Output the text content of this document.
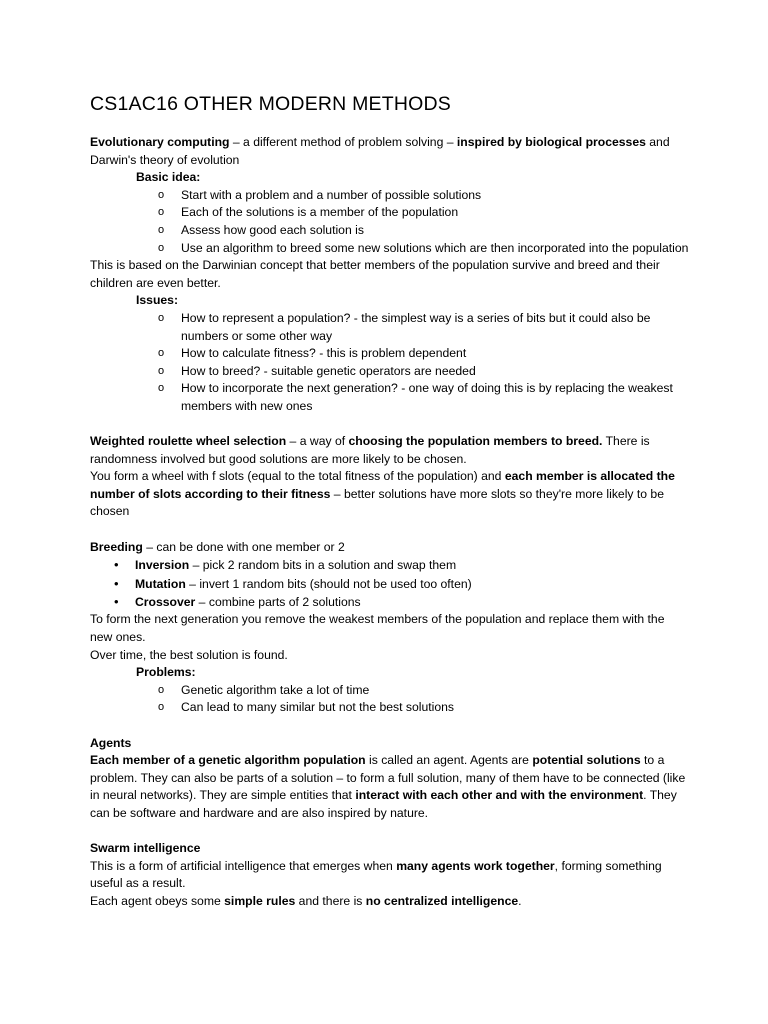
CS1AC16 OTHER MODERN METHODS

Evolutionary computing – a different method of problem solving – inspired by biological processes and Darwin's theory of evolution

Basic idea:

o Start with a problem and a number of possible solutions
o Each of the solutions is a member of the population
o Assess how good each solution is
o Use an algorithm to breed some new solutions which are then incorporated into the population

This is based on the Darwinian concept that better members of the population survive and breed and their children are even better.

Issues:

o How to represent a population? - the simplest way is a series of bits but it could also be numbers or some other way
o How to calculate fitness? - this is problem dependent
o How to breed? - suitable genetic operators are needed
o How to incorporate the next generation? - one way of doing this is by replacing the weakest members with new ones

Weighted roulette wheel selection – a way of choosing the population members to breed. There is randomness involved but good solutions are more likely to be chosen.

You form a wheel with f slots (equal to the total fitness of the population) and each member is allocated the number of slots according to their fitness – better solutions have more slots so they're more likely to be chosen

Breeding – can be done with one member or 2

• Inversion – pick 2 random bits in a solution and swap them
• Mutation – invert 1 random bits (should not be used too often)
• Crossover – combine parts of 2 solutions

To form the next generation you remove the weakest members of the population and replace them with the new ones.

Over time, the best solution is found.

Problems:

o Genetic algorithm take a lot of time
o Can lead to many similar but not the best solutions

Agents

Each member of a genetic algorithm population is called an agent. Agents are potential solutions to a problem. They can also be parts of a solution – to form a full solution, many of them have to be connected (like in neural networks). They are simple entities that interact with each other and with the environment. They can be software and hardware and are also inspired by nature.

Swarm intelligence

This is a form of artificial intelligence that emerges when many agents work together, forming something useful as a result.

Each agent obeys some simple rules and there is no centralized intelligence.
